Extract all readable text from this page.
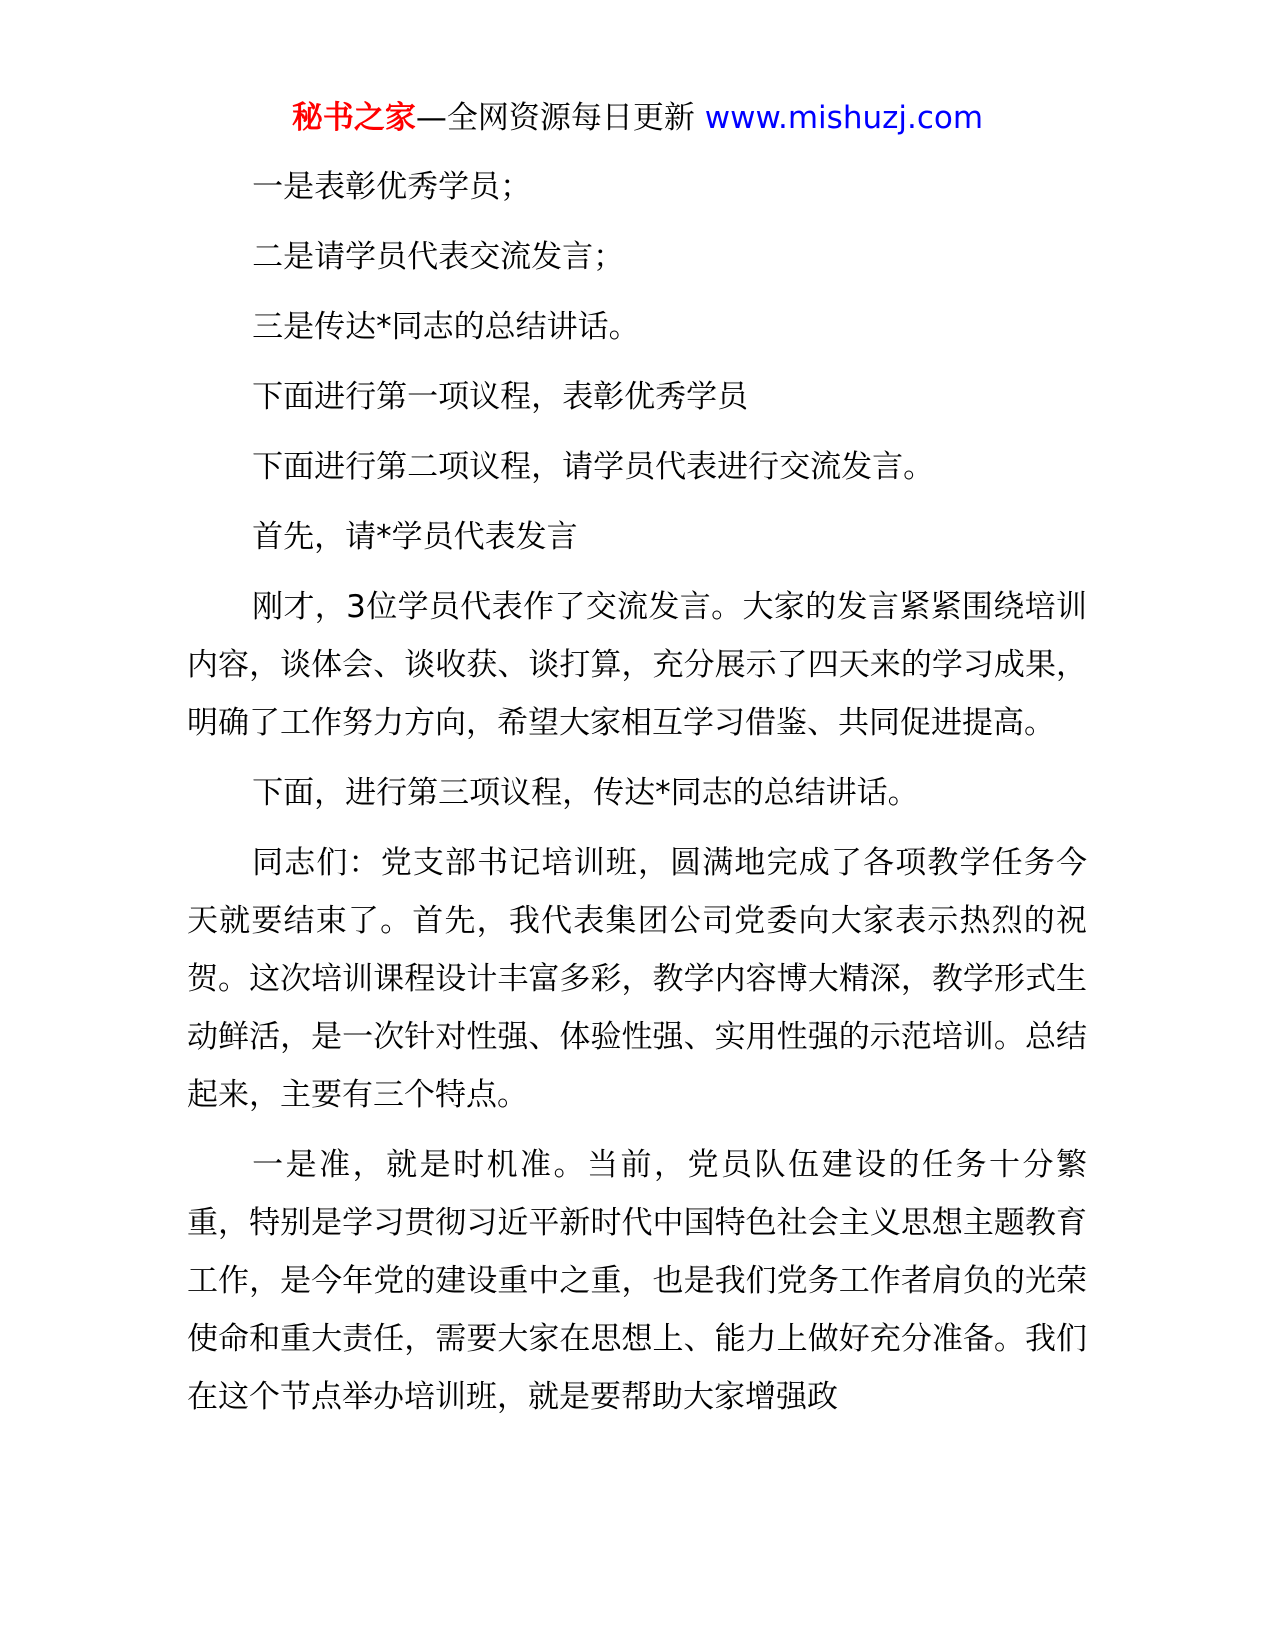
秘书之家—全网资源每日更新 www.mishuzj.com

一是表彰优秀学员；

二是请学员代表交流发言；

三是传达*同志的总结讲话。

下面进行第一项议程，表彰优秀学员

下面进行第二项议程，请学员代表进行交流发言。

首先，请*学员代表发言

刚才，3位学员代表作了交流发言。大家的发言紧紧围绕培训内容，谈体会、谈收获、谈打算，充分展示了四天来的学习成果，明确了工作努力方向，希望大家相互学习借鉴、共同促进提高。

下面，进行第三项议程，传达*同志的总结讲话。

同志们：党支部书记培训班，圆满地完成了各项教学任务今天就要结束了。首先，我代表集团公司党委向大家表示热烈的祝贺。这次培训课程设计丰富多彩，教学内容博大精深，教学形式生动鲜活，是一次针对性强、体验性强、实用性强的示范培训。总结起来，主要有三个特点。

一是准，就是时机准。当前，党员队伍建设的任务十分繁重，特别是学习贯彻习近平新时代中国特色社会主义思想主题教育工作，是今年党的建设重中之重，也是我们党务工作者肩负的光荣使命和重大责任，需要大家在思想上、能力上做好充分准备。我们在这个节点举办培训班，就是要帮助大家增强政
